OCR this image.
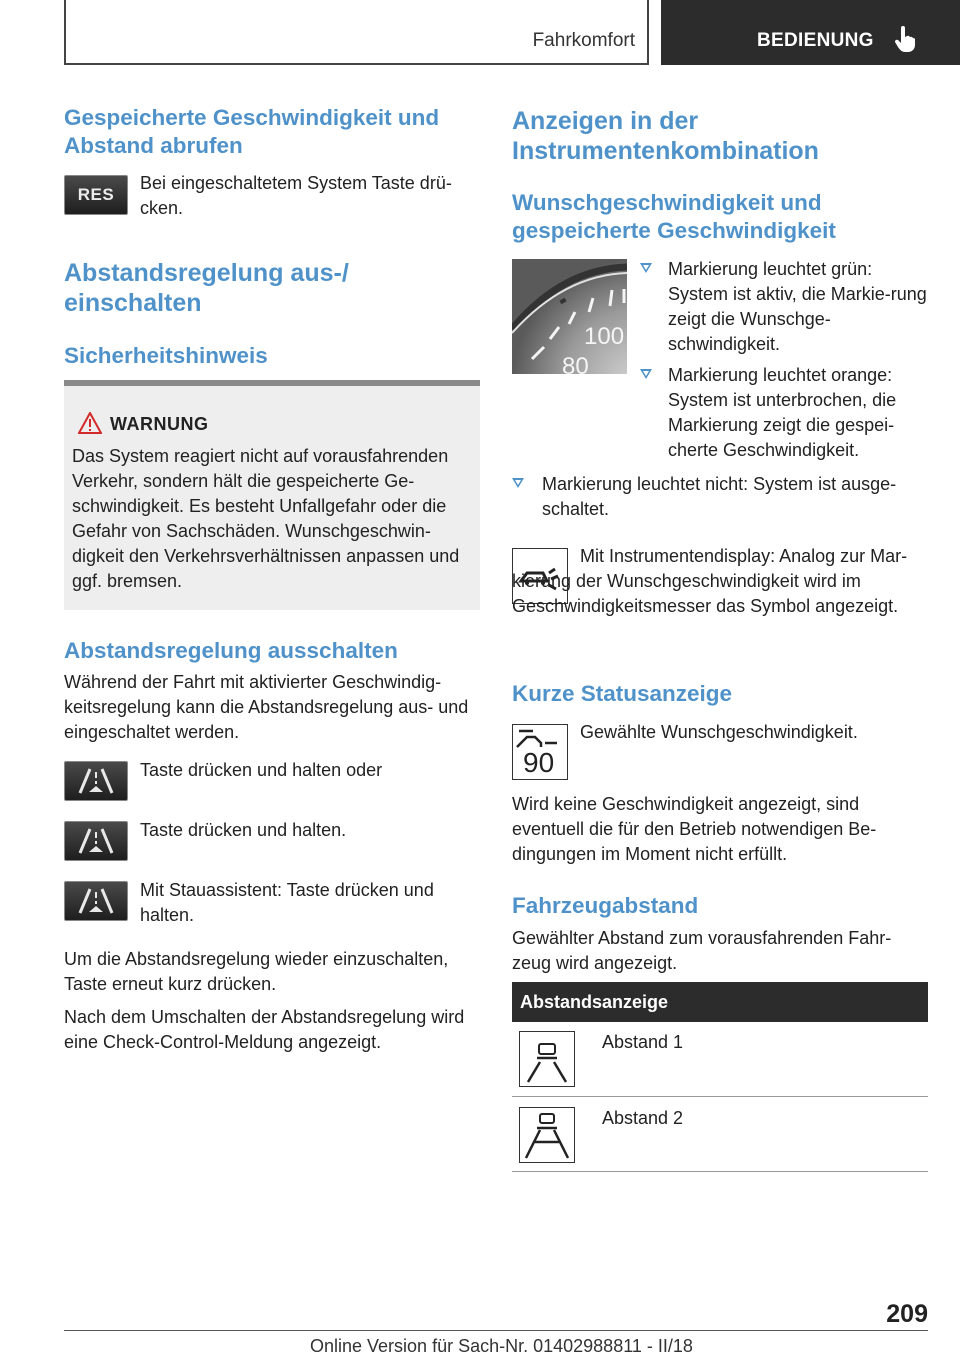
Fahrkomfort	BEDIENUNG
Gespeicherte Geschwindigkeit und Abstand abrufen
RES
Bei eingeschaltetem System Taste drü-cken.
Abstandsregelung aus-/ einschalten
Sicherheitshinweis
WARNUNG
Das System reagiert nicht auf vorausfahrenden Verkehr, sondern hält die gespeicherte Ge-schwindigkeit. Es besteht Unfallgefahr oder die Gefahr von Sachschäden. Wunschgeschwin-digkeit den Verkehrsverhältnissen anpassen und ggf. bremsen.
Abstandsregelung ausschalten
Während der Fahrt mit aktivierter Geschwindig-keitsregelung kann die Abstandsregelung aus- und eingeschaltet werden.
Taste drücken und halten oder
Taste drücken und halten.
Mit Stauassistent: Taste drücken und halten.
Um die Abstandsregelung wieder einzuschalten, Taste erneut kurz drücken.
Nach dem Umschalten der Abstandsregelung wird eine Check-Control-Meldung angezeigt.
Anzeigen in der Instrumentenkombination
Wunschgeschwindigkeit und gespeicherte Geschwindigkeit
100
80
Markierung leuchtet grün: System ist aktiv, die Markie-rung zeigt die Wunschge-schwindigkeit.
Markierung leuchtet orange: System ist unterbrochen, die Markierung zeigt die gespei-cherte Geschwindigkeit.
Markierung leuchtet nicht: System ist ausge-schaltet.
Mit Instrumentendisplay: Analog zur Mar-kierung der Wunschgeschwindigkeit wird im Geschwindigkeitsmesser das Symbol angezeigt.
Kurze Statusanzeige
90
Gewählte Wunschgeschwindigkeit.
Wird keine Geschwindigkeit angezeigt, sind eventuell die für den Betrieb notwendigen Be-dingungen im Moment nicht erfüllt.
Fahrzeugabstand
Gewählter Abstand zum vorausfahrenden Fahr-zeug wird angezeigt.
Abstandsanzeige
Abstand 1
Abstand 2
209
Online Version für Sach-Nr. 01402988811 - II/18
